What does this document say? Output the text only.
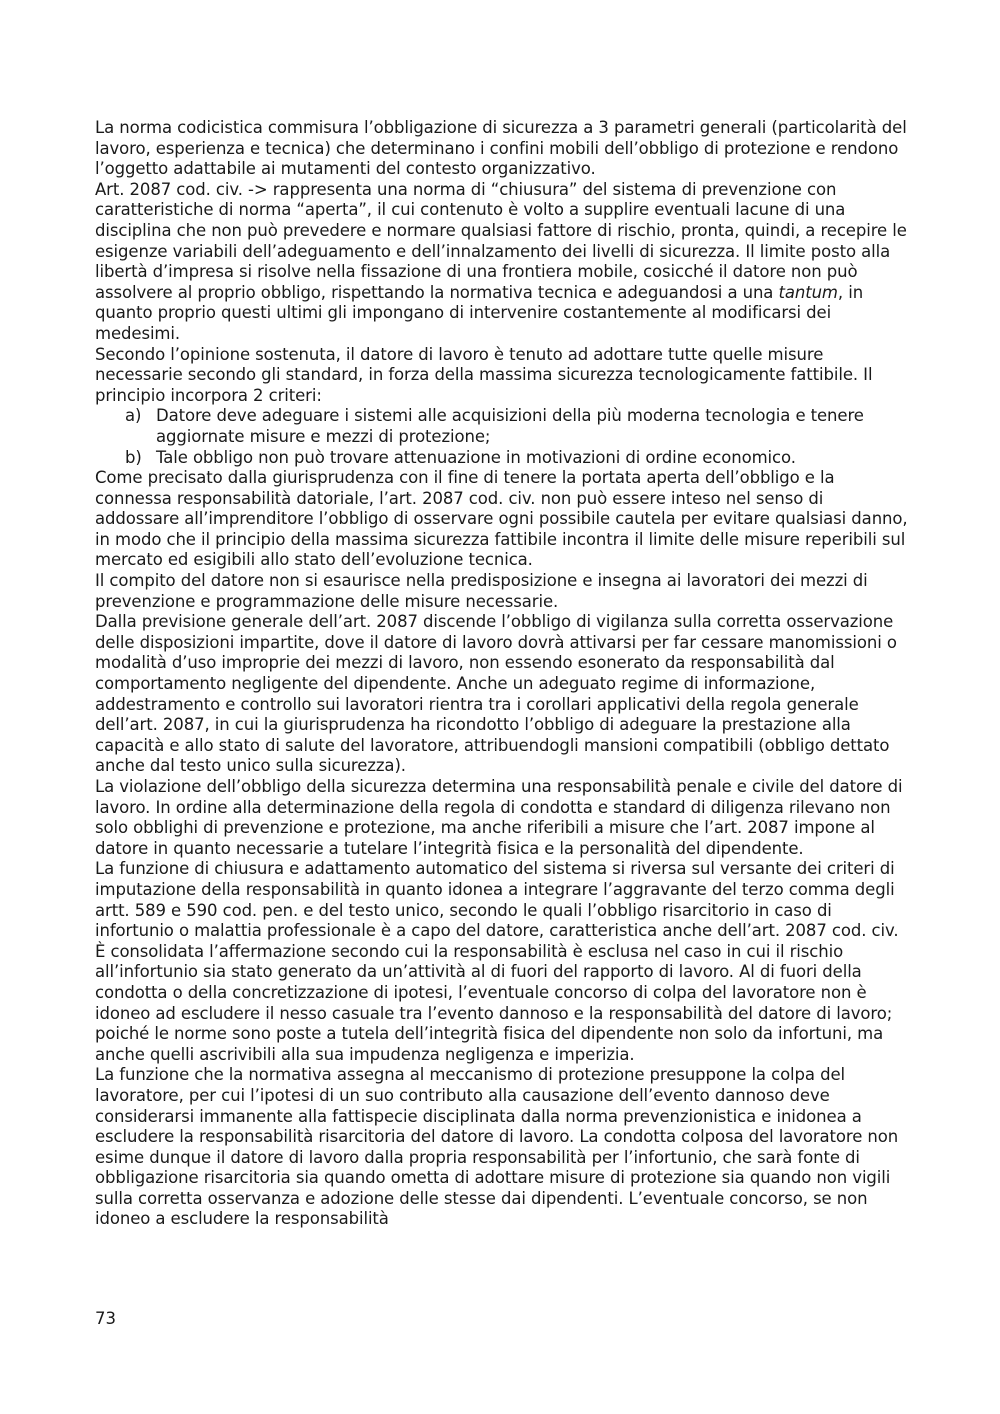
La norma codicistica commisura l’obbligazione di sicurezza a 3 parametri generali (particolarità del lavoro, esperienza e tecnica) che determinano i confini mobili dell’obbligo di protezione e rendono l’oggetto adattabile ai mutamenti del contesto organizzativo.

Art. 2087 cod. civ. -> rappresenta una norma di “chiusura” del sistema di prevenzione con caratteristiche di norma “aperta”, il cui contenuto è volto a supplire eventuali lacune di una disciplina che non può prevedere e normare qualsiasi fattore di rischio, pronta, quindi, a recepire le esigenze variabili dell’adeguamento e dell’innalzamento dei livelli di sicurezza. Il limite posto alla libertà d’impresa si risolve nella fissazione di una frontiera mobile, cosicché il datore non può assolvere al proprio obbligo, rispettando la normativa tecnica e adeguandosi a una tantum, in quanto proprio questi ultimi gli impongano di intervenire costantemente al modificarsi dei medesimi.

Secondo l’opinione sostenuta, il datore di lavoro è tenuto ad adottare tutte quelle misure necessarie secondo gli standard, in forza della massima sicurezza tecnologicamente fattibile. Il principio incorpora 2 criteri:

a) Datore deve adeguare i sistemi alle acquisizioni della più moderna tecnologia e tenere aggiornate misure e mezzi di protezione;
b) Tale obbligo non può trovare attenuazione in motivazioni di ordine economico.

Come precisato dalla giurisprudenza con il fine di tenere la portata aperta dell’obbligo e la connessa responsabilità datoriale, l’art. 2087 cod. civ. non può essere inteso nel senso di addossare all’imprenditore l’obbligo di osservare ogni possibile cautela per evitare qualsiasi danno, in modo che il principio della massima sicurezza fattibile incontra il limite delle misure reperibili sul mercato ed esigibili allo stato dell’evoluzione tecnica.

Il compito del datore non si esaurisce nella predisposizione e insegna ai lavoratori dei mezzi di prevenzione e programmazione delle misure necessarie.

Dalla previsione generale dell’art. 2087 discende l’obbligo di vigilanza sulla corretta osservazione delle disposizioni impartite, dove il datore di lavoro dovrà attivarsi per far cessare manomissioni o modalità d’uso improprie dei mezzi di lavoro, non essendo esonerato da responsabilità dal comportamento negligente del dipendente. Anche un adeguato regime di informazione, addestramento e controllo sui lavoratori rientra tra i corollari applicativi della regola generale dell’art. 2087, in cui la giurisprudenza ha ricondotto l’obbligo di adeguare la prestazione alla capacità e allo stato di salute del lavoratore, attribuendogli mansioni compatibili (obbligo dettato anche dal testo unico sulla sicurezza).

La violazione dell’obbligo della sicurezza determina una responsabilità penale e civile del datore di lavoro. In ordine alla determinazione della regola di condotta e standard di diligenza rilevano non solo obblighi di prevenzione e protezione, ma anche riferibili a misure che l’art. 2087 impone al datore in quanto necessarie a tutelare l’integrità fisica e la personalità del dipendente.

La funzione di chiusura e adattamento automatico del sistema si riversa sul versante dei criteri di imputazione della responsabilità in quanto idonea a integrare l’aggravante del terzo comma degli artt. 589 e 590 cod. pen. e del testo unico, secondo le quali l’obbligo risarcitorio in caso di infortunio o malattia professionale è a capo del datore, caratteristica anche dell’art. 2087 cod. civ. È consolidata l’affermazione secondo cui la responsabilità è esclusa nel caso in cui il rischio all’infortunio sia stato generato da un’attività al di fuori del rapporto di lavoro. Al di fuori della condotta o della concretizzazione di ipotesi, l’eventuale concorso di colpa del lavoratore non è idoneo ad escludere il nesso casuale tra l’evento dannoso e la responsabilità del datore di lavoro; poiché le norme sono poste a tutela dell’integrità fisica del dipendente non solo da infortuni, ma anche quelli ascrivibili alla sua impudenza negligenza e imperizia.

La funzione che la normativa assegna al meccanismo di protezione presuppone la colpa del lavoratore, per cui l’ipotesi di un suo contributo alla causazione dell’evento dannoso deve considerarsi immanente alla fattispecie disciplinata dalla norma prevenzionistica e inidonea a escludere la responsabilità risarcitoria del datore di lavoro. La condotta colposa del lavoratore non esime dunque il datore di lavoro dalla propria responsabilità per l’infortunio, che sarà fonte di obbligazione risarcitoria sia quando ometta di adottare misure di protezione sia quando non vigili sulla corretta osservanza e adozione delle stesse dai dipendenti. L’eventuale concorso, se non idoneo a escludere la responsabilità

73
